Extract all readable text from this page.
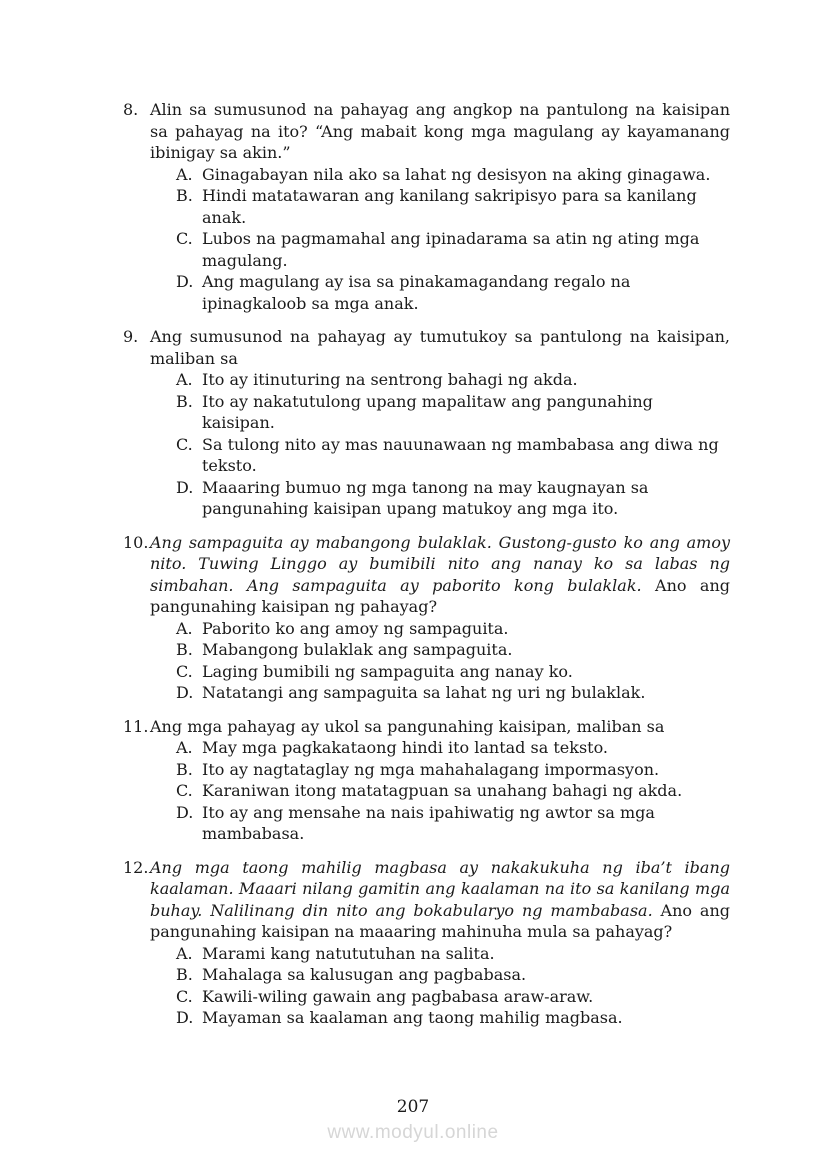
8. Alin sa sumusunod na pahayag ang angkop na pantulong na kaisipan sa pahayag na ito? “Ang mabait kong mga magulang ay kayamanang ibinigay sa akin.”

A. Ginagabayan nila ako sa lahat ng desisyon na aking ginagawa.
B. Hindi matatawaran ang kanilang sakripisyo para sa kanilang anak.
C. Lubos na pagmamahal ang ipinadarama sa atin ng ating mga magulang.
D. Ang magulang ay isa sa pinakamagandang regalo na ipinagkaloob sa mga anak.
9. Ang sumusunod na pahayag ay tumutukoy sa pantulong na kaisipan, maliban sa

A. Ito ay itinuturing na sentrong bahagi ng akda.
B. Ito ay nakatutulong upang mapalitaw ang pangunahing kaisipan.
C. Sa tulong nito ay mas nauunawaan ng mambabasa ang diwa ng teksto.
D. Maaaring bumuo ng mga tanong na may kaugnayan sa pangunahing kaisipan upang matukoy ang mga ito.
10. Ang sampaguita ay mabangong bulaklak. Gustong-gusto ko ang amoy nito. Tuwing Linggo ay bumibili nito ang nanay ko sa labas ng simbahan. Ang sampaguita ay paborito kong bulaklak. Ano ang pangunahing kaisipan ng pahayag?

A. Paborito ko ang amoy ng sampaguita.
B. Mabangong bulaklak ang sampaguita.
C. Laging bumibili ng sampaguita ang nanay ko.
D. Natatangi ang sampaguita sa lahat ng uri ng bulaklak.
11. Ang mga pahayag ay ukol sa pangunahing kaisipan, maliban sa

A. May mga pagkakataong hindi ito lantad sa teksto.
B. Ito ay nagtataglay ng mga mahahalagang impormasyon.
C. Karaniwan itong matatagpuan sa unahang bahagi ng akda.
D. Ito ay ang mensahe na nais ipahiwatig ng awtor sa mga mambabasa.
12. Ang mga taong mahilig magbasa ay nakakukuha ng iba’t ibang kaalaman. Maaari nilang gamitin ang kaalaman na ito sa kanilang mga buhay. Nalilinang din nito ang bokabularyo ng mambabasa. Ano ang pangunahing kaisipan na maaaring mahinuha mula sa pahayag?

A. Marami kang natututuhan na salita.
B. Mahalaga sa kalusugan ang pagbabasa.
C. Kawili-wiling gawain ang pagbabasa araw-araw.
D. Mayaman sa kaalaman ang taong mahilig magbasa.
207
www.modyul.online
